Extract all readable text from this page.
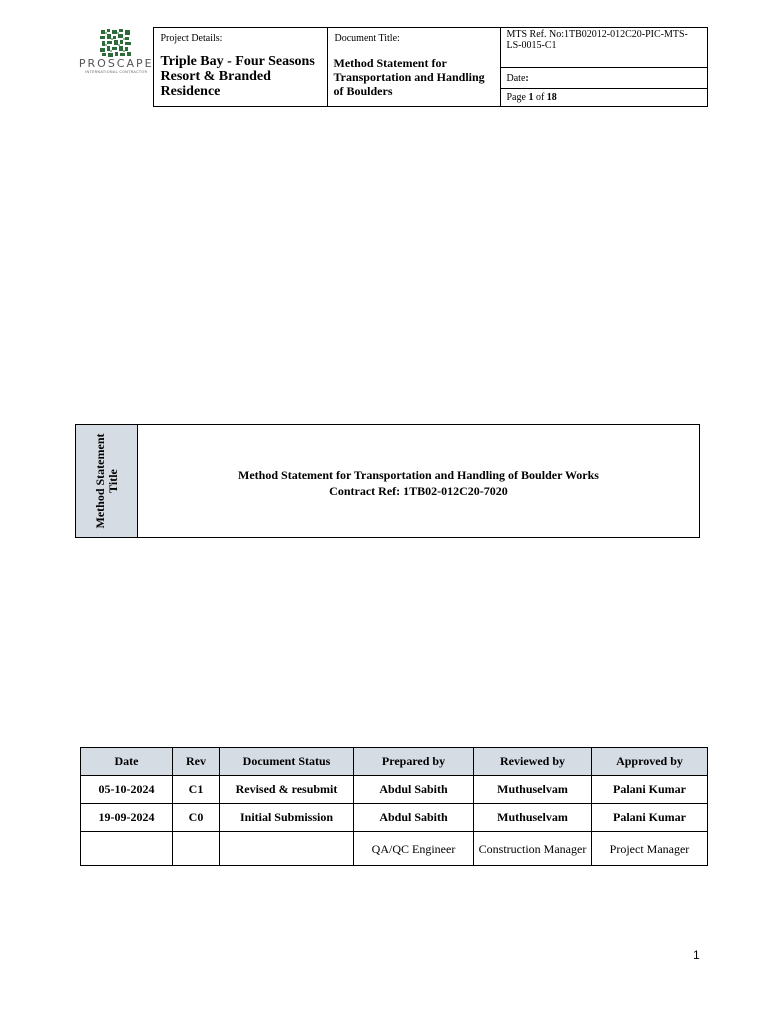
PROSCAPE
INTERNATIONAL CONTRACTOR

Project Details:
Triple Bay - Four Seasons Resort & Branded Residence

Document Title:
Method Statement for Transportation and Handling of Boulders

MTS Ref. No:1TB02012-012C20-PIC-MTS-LS-0015-C1

Date:

Page 1 of 18
Method Statement Title	Method Statement for Transportation and Handling of Boulder Works
Contract Ref: 1TB02-012C20-7020
Date	Rev	Document Status	Prepared by	Reviewed by	Approved by
05-10-2024	C1	Revised & resubmit	Abdul Sabith	Muthuselvam	Palani Kumar
19-09-2024	C0	Initial Submission	Abdul Sabith	Muthuselvam	Palani Kumar
			QA/QC Engineer	Construction Manager	Project Manager
1
